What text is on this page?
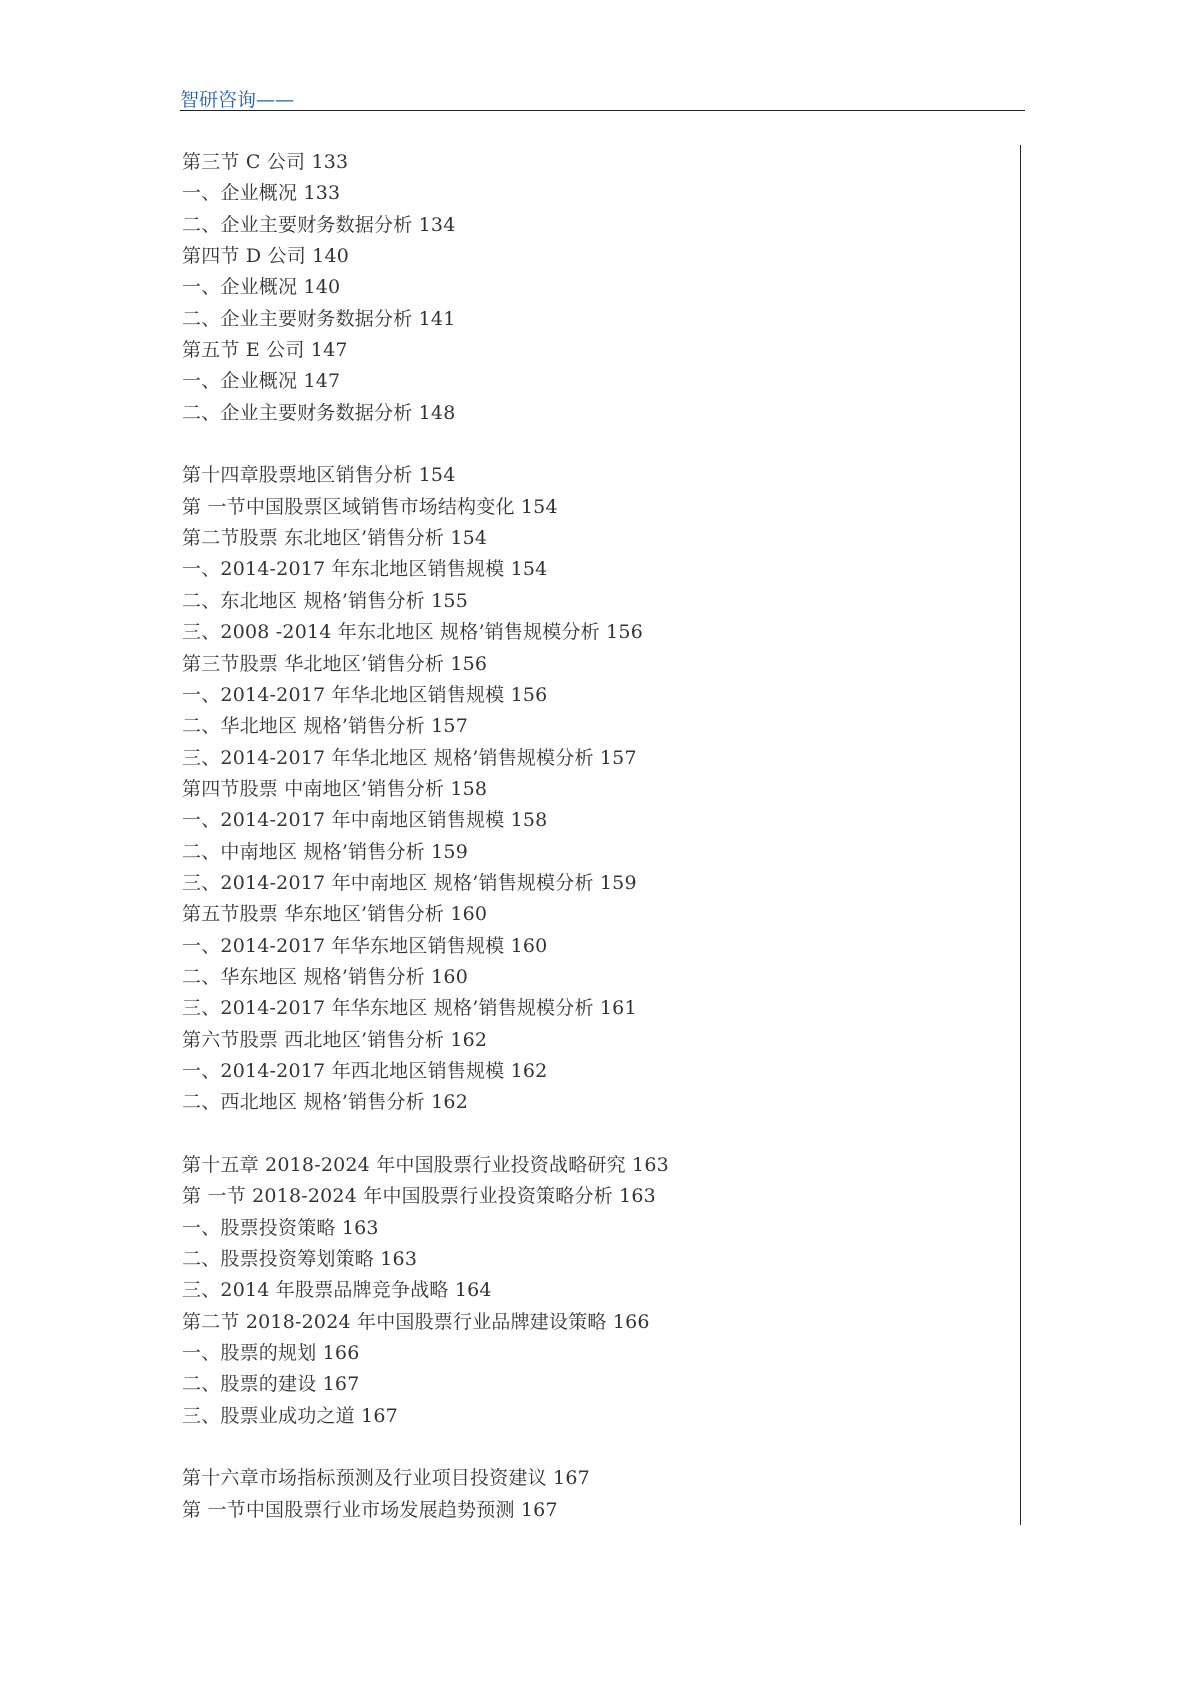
智研咨询——
第三节 C 公司 133
一、企业概况 133
二、企业主要财务数据分析 134
第四节 D 公司 140
一、企业概况 140
二、企业主要财务数据分析 141
第五节 E 公司 147
一、企业概况 147
二、企业主要财务数据分析 148
第十四章股票地区销售分析 154
第 一节中国股票区域销售市场结构变化 154
第二节股票 东北地区’销售分析 154
一、2014-2017 年东北地区销售规模 154
二、东北地区 规格’销售分析 155
三、2008 -2014 年东北地区 规格’销售规模分析 156
第三节股票 华北地区’销售分析 156
一、2014-2017 年华北地区销售规模 156
二、华北地区 规格’销售分析 157
三、2014-2017 年华北地区 规格’销售规模分析 157
第四节股票 中南地区’销售分析 158
一、2014-2017 年中南地区销售规模 158
二、中南地区 规格’销售分析 159
三、2014-2017 年中南地区 规格’销售规模分析 159
第五节股票 华东地区’销售分析 160
一、2014-2017 年华东地区销售规模 160
二、华东地区 规格’销售分析 160
三、2014-2017 年华东地区 规格’销售规模分析 161
第六节股票 西北地区’销售分析 162
一、2014-2017 年西北地区销售规模 162
二、西北地区 规格’销售分析 162
第十五章 2018-2024 年中国股票行业投资战略研究 163
第 一节 2018-2024 年中国股票行业投资策略分析 163
一、股票投资策略 163
二、股票投资筹划策略 163
三、2014 年股票品牌竞争战略 164
第二节 2018-2024 年中国股票行业品牌建设策略 166
一、股票的规划 166
二、股票的建设 167
三、股票业成功之道 167
第十六章市场指标预测及行业项目投资建议 167
第 一节中国股票行业市场发展趋势预测 167
